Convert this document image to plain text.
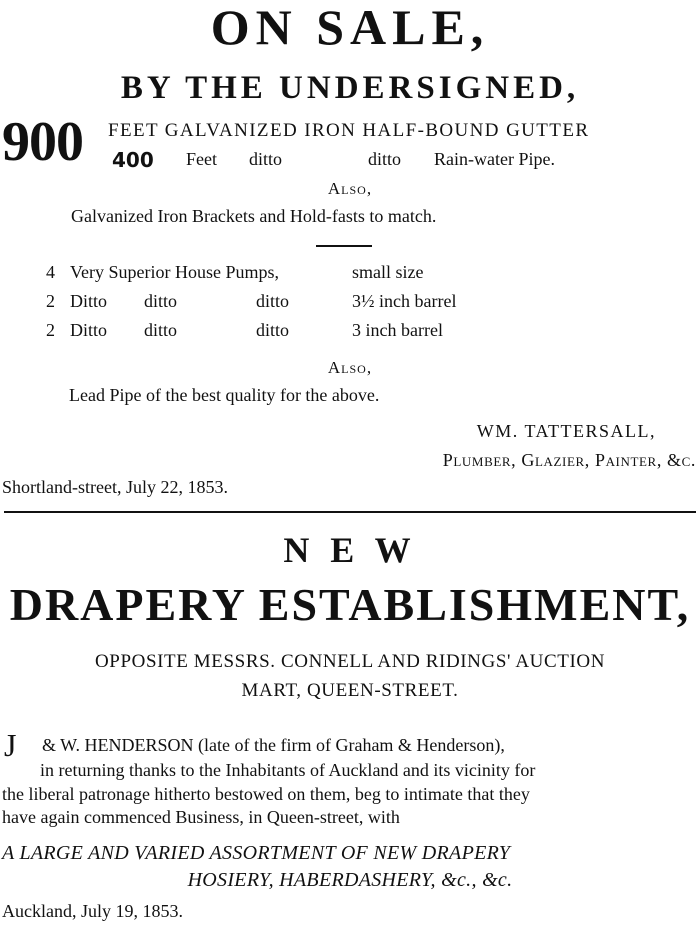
ON SALE,
BY THE UNDERSIGNED,
900 FEET GALVANIZED IRON HALF-BOUND GUTTER
400 Feet ditto	ditto Rain-water Pipe.
Also,
Galvanized Iron Brackets and Hold-fasts to match.
4	Very Superior House Pumps,			small size
2	Ditto	ditto	ditto	3½ inch barrel
2	Ditto	ditto	ditto	3 inch barrel
Also,
Lead Pipe of the best quality for the above.
WM. TATTERSALL,
Plumber, Glazier, Painter, &c.
Shortland-street, July 22, 1853.
N E W
DRAPERY ESTABLISHMENT,
OPPOSITE MESSRS. CONNELL AND RIDINGS' AUCTION
MART, QUEEN-STREET.
J & W. HENDERSON (late of the firm of Graham & Henderson),
in returning thanks to the Inhabitants of Auckland and its vicinity for
the liberal patronage hitherto bestowed on them, beg to intimate that they
have again commenced Business, in Queen-street, with
A LARGE AND VARIED ASSORTMENT OF NEW DRAPERY
HOSIERY, HABERDASHERY, &c., &c.
Auckland, July 19, 1853.
